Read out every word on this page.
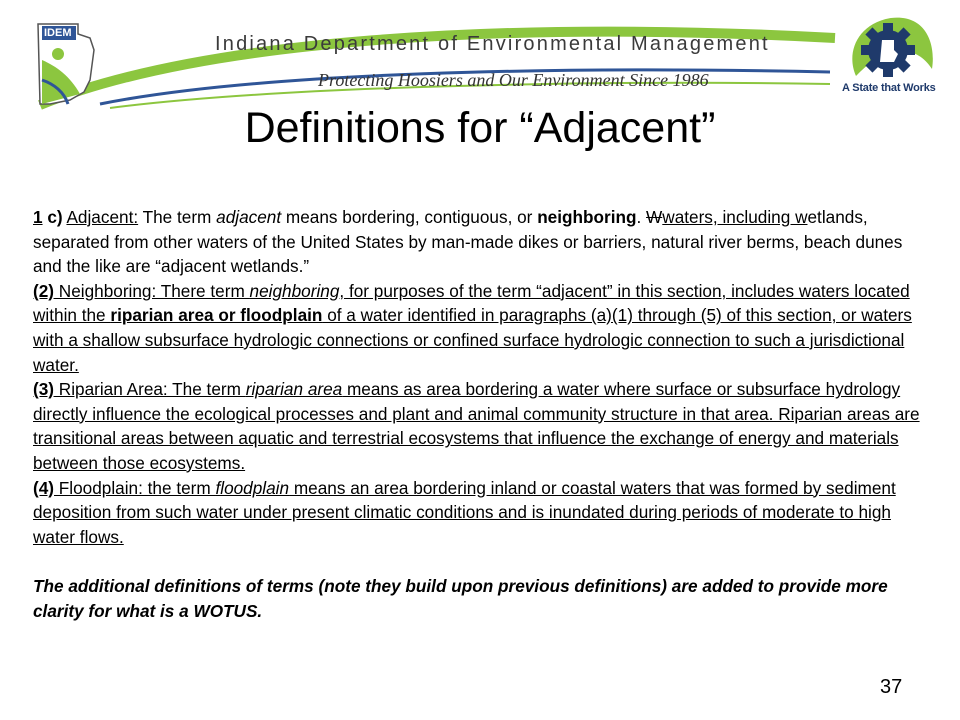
IDEM	Indiana Department of Environmental Management
Protecting Hoosiers and Our Environment Since 1986	A State that Works
Definitions for “Adjacent”

1 c) Adjacent: The term adjacent means bordering, contiguous, or neighboring. Wwaters, including wetlands, separated from other waters of the United States by man-made dikes or barriers, natural river berms, beach dunes and the like are “adjacent wetlands.”

(2) Neighboring: There term neighboring, for purposes of the term “adjacent” in this section, includes waters located within the riparian area or floodplain of a water identified in paragraphs (a)(1) through (5) of this section, or waters with a shallow subsurface hydrologic connections or confined surface hydrologic connection to such a jurisdictional water.

(3) Riparian Area: The term riparian area means as area bordering a water where surface or subsurface hydrology directly influence the ecological processes and plant and animal community structure in that area. Riparian areas are transitional areas between aquatic and terrestrial ecosystems that influence the exchange of energy and materials between those ecosystems.

(4) Floodplain: the term floodplain means an area bordering inland or coastal waters that was formed by sediment deposition from such water under present climatic conditions and is inundated during periods of moderate to high water flows.

The additional definitions of terms (note they build upon previous definitions) are added to provide more clarity for what is a WOTUS.

37
